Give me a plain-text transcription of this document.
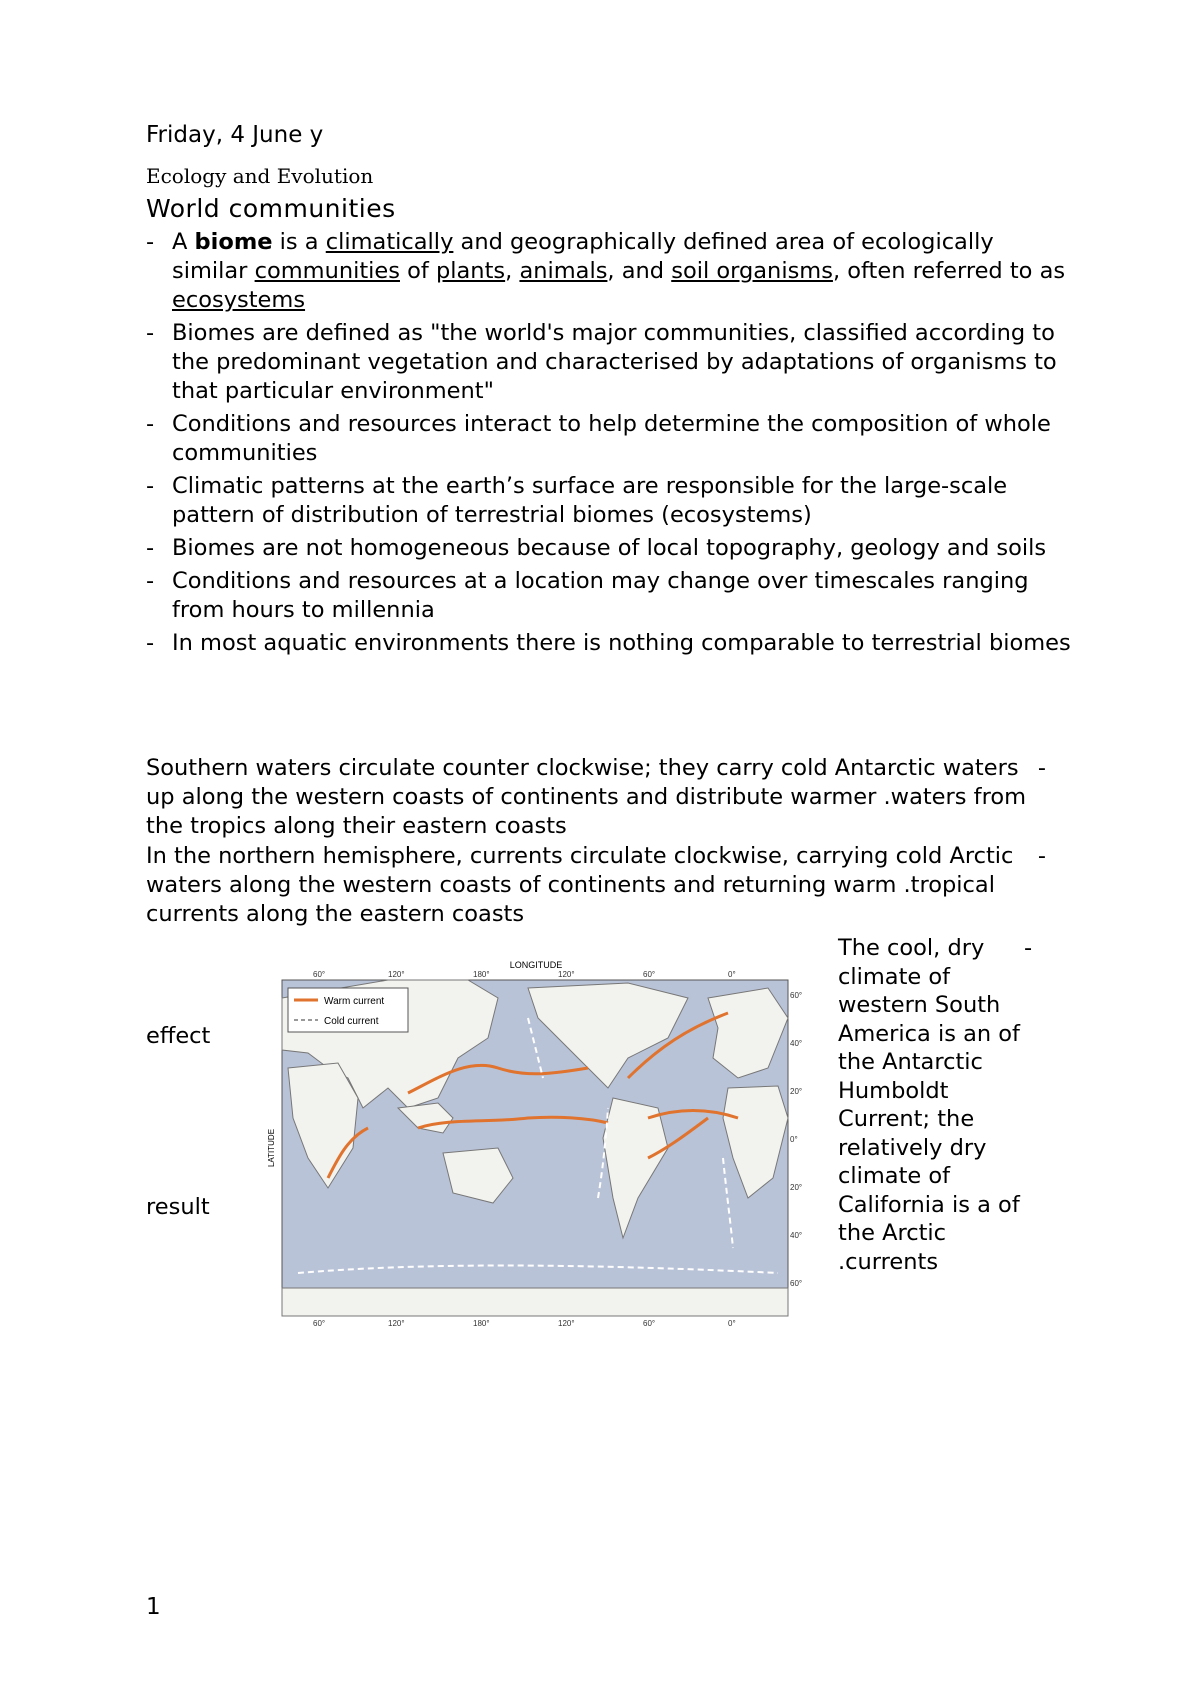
Friday, 4 June y
Ecology and Evolution
World communities
- A biome is a climatically and geographically defined area of ecologically similar communities of plants, animals, and soil organisms, often referred to as ecosystems
- Biomes are defined as "the world's major communities, classified according to the predominant vegetation and characterised by adaptations of organisms to that particular environment"
- Conditions and resources interact to help determine the composition of whole communities
- Climatic patterns at the earth’s surface are responsible for the large-scale pattern of distribution of terrestrial biomes (ecosystems)
- Biomes are not homogeneous because of local topography, geology and soils
- Conditions and resources at a location may change over timescales ranging from hours to millennia
- In most aquatic environments there is nothing comparable to terrestrial biomes
-
Southern waters circulate counter clockwise; they carry cold Antarctic waters up along the western coasts of continents and distribute warmer .waters from the tropics along their eastern coasts
-
In the northern hemisphere, currents circulate clockwise, carrying cold Arctic waters along the western coasts of continents and returning warm .tropical currents along the eastern coasts
effect
result
Warm current
Cold current
LONGITUDE
LATITUDE
60°	120°	180°	120°	60°	0°
60°	120°	180°	120°	60°	0°
60°
40°
20°
0°
20°
40°
60°
-
The cool, dry climate of western South America is an of the Antarctic Humboldt Current; the relatively dry climate of California is a of the Arctic .currents
1
